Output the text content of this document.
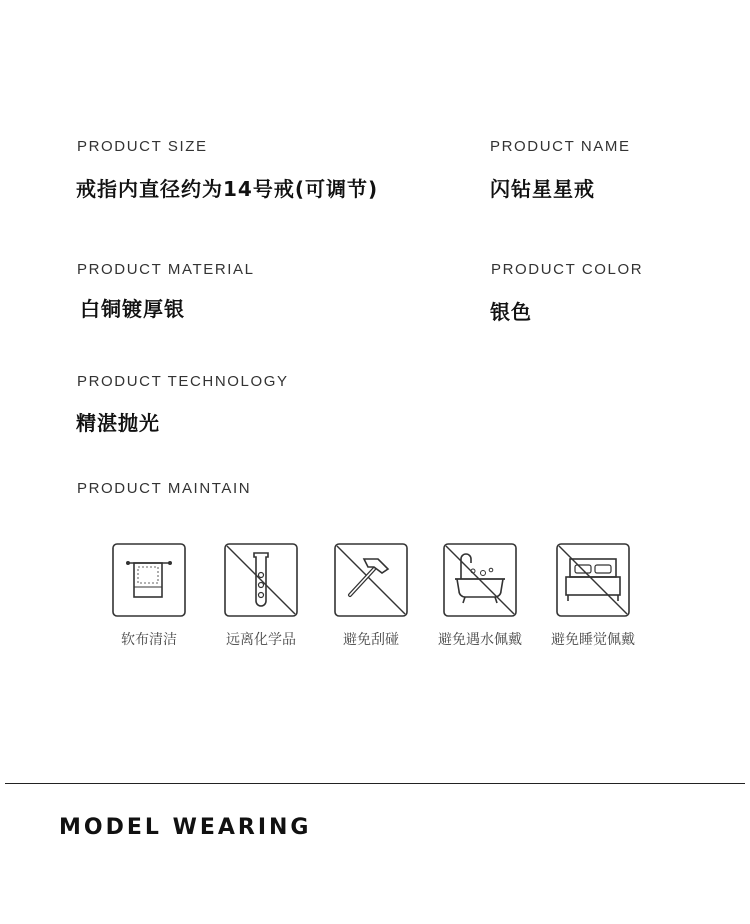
PRODUCT SIZE
戒指内直径约为14号戒(可调节)
PRODUCT NAME
闪钻星星戒
PRODUCT MATERIAL
白铜镀厚银
PRODUCT COLOR
银色
PRODUCT TECHNOLOGY
精湛抛光
PRODUCT MAINTAIN
软布清洁	远离化学品	避免刮碰	避免遇水佩戴	避免睡觉佩戴
MODEL WEARING
